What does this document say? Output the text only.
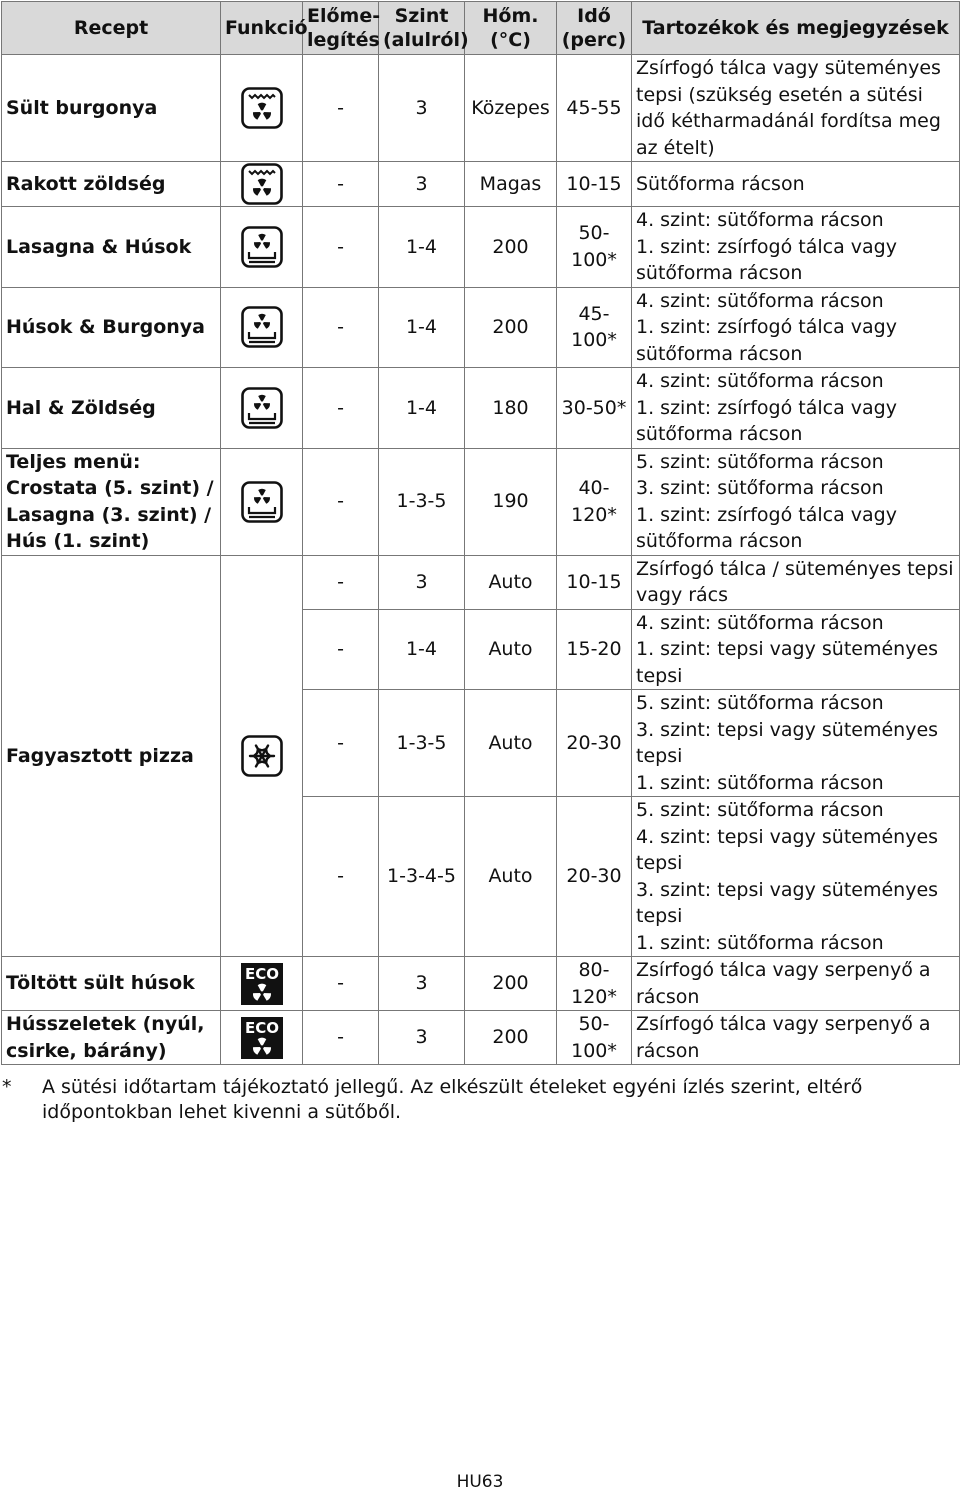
Recept	Funkció	Előme-legítés	Szint (alulról)	Hőm. (°C)	Idő (perc)	Tartozékok és megjegyzések
Sült burgonya		-	3	Közepes	45-55	Zsírfogó tálca vagy süteményes tepsi (szükség esetén a sütési idő kétharmadánál fordítsa meg az ételt)

Rakott zöldség		-	3	Magas	10-15	Sütőforma rácson

Lasagna & Húsok		-	1-4	200	50-100*	4. szint: sütőforma rácson
1. szint: zsírfogó tálca vagy sütőforma rácson

Húsok & Burgonya		-	1-4	200	45-100*	4. szint: sütőforma rácson
1. szint: zsírfogó tálca vagy sütőforma rácson

Hal & Zöldség		-	1-4	180	30-50*	4. szint: sütőforma rácson
1. szint: zsírfogó tálca vagy sütőforma rácson

Teljes menü: Crostata (5. szint) / Lasagna (3. szint) / Hús (1. szint)		-	1-3-5	190	40-120*	5. szint: sütőforma rácson
3. szint: sütőforma rácson
1. szint: zsírfogó tálca vagy sütőforma rácson

Fagyasztott pizza		-	3	Auto	10-15	Zsírfogó tálca / süteményes tepsi vagy rács

		-	1-4	Auto	15-20	4. szint: sütőforma rácson
1. szint: tepsi vagy süteményes tepsi

		-	1-3-5	Auto	20-30	5. szint: sütőforma rácson
3. szint: tepsi vagy süteményes tepsi
1. szint: sütőforma rácson

		-	1-3-4-5	Auto	20-30	5. szint: sütőforma rácson
4. szint: tepsi vagy süteményes tepsi
3. szint: tepsi vagy süteményes tepsi
1. szint: sütőforma rácson

Töltött sült húsok	ECO	-	3	200	80-120*	Zsírfogó tálca vagy serpenyő a rácson

Hússzeletek (nyúl, csirke, bárány)	ECO	-	3	200	50-100*	Zsírfogó tálca vagy serpenyő a rácson
* A sütési időtartam tájékoztató jellegű. Az elkészült ételeket egyéni ízlés szerint, eltérő időpontokban lehet kivenni a sütőből.
HU63
